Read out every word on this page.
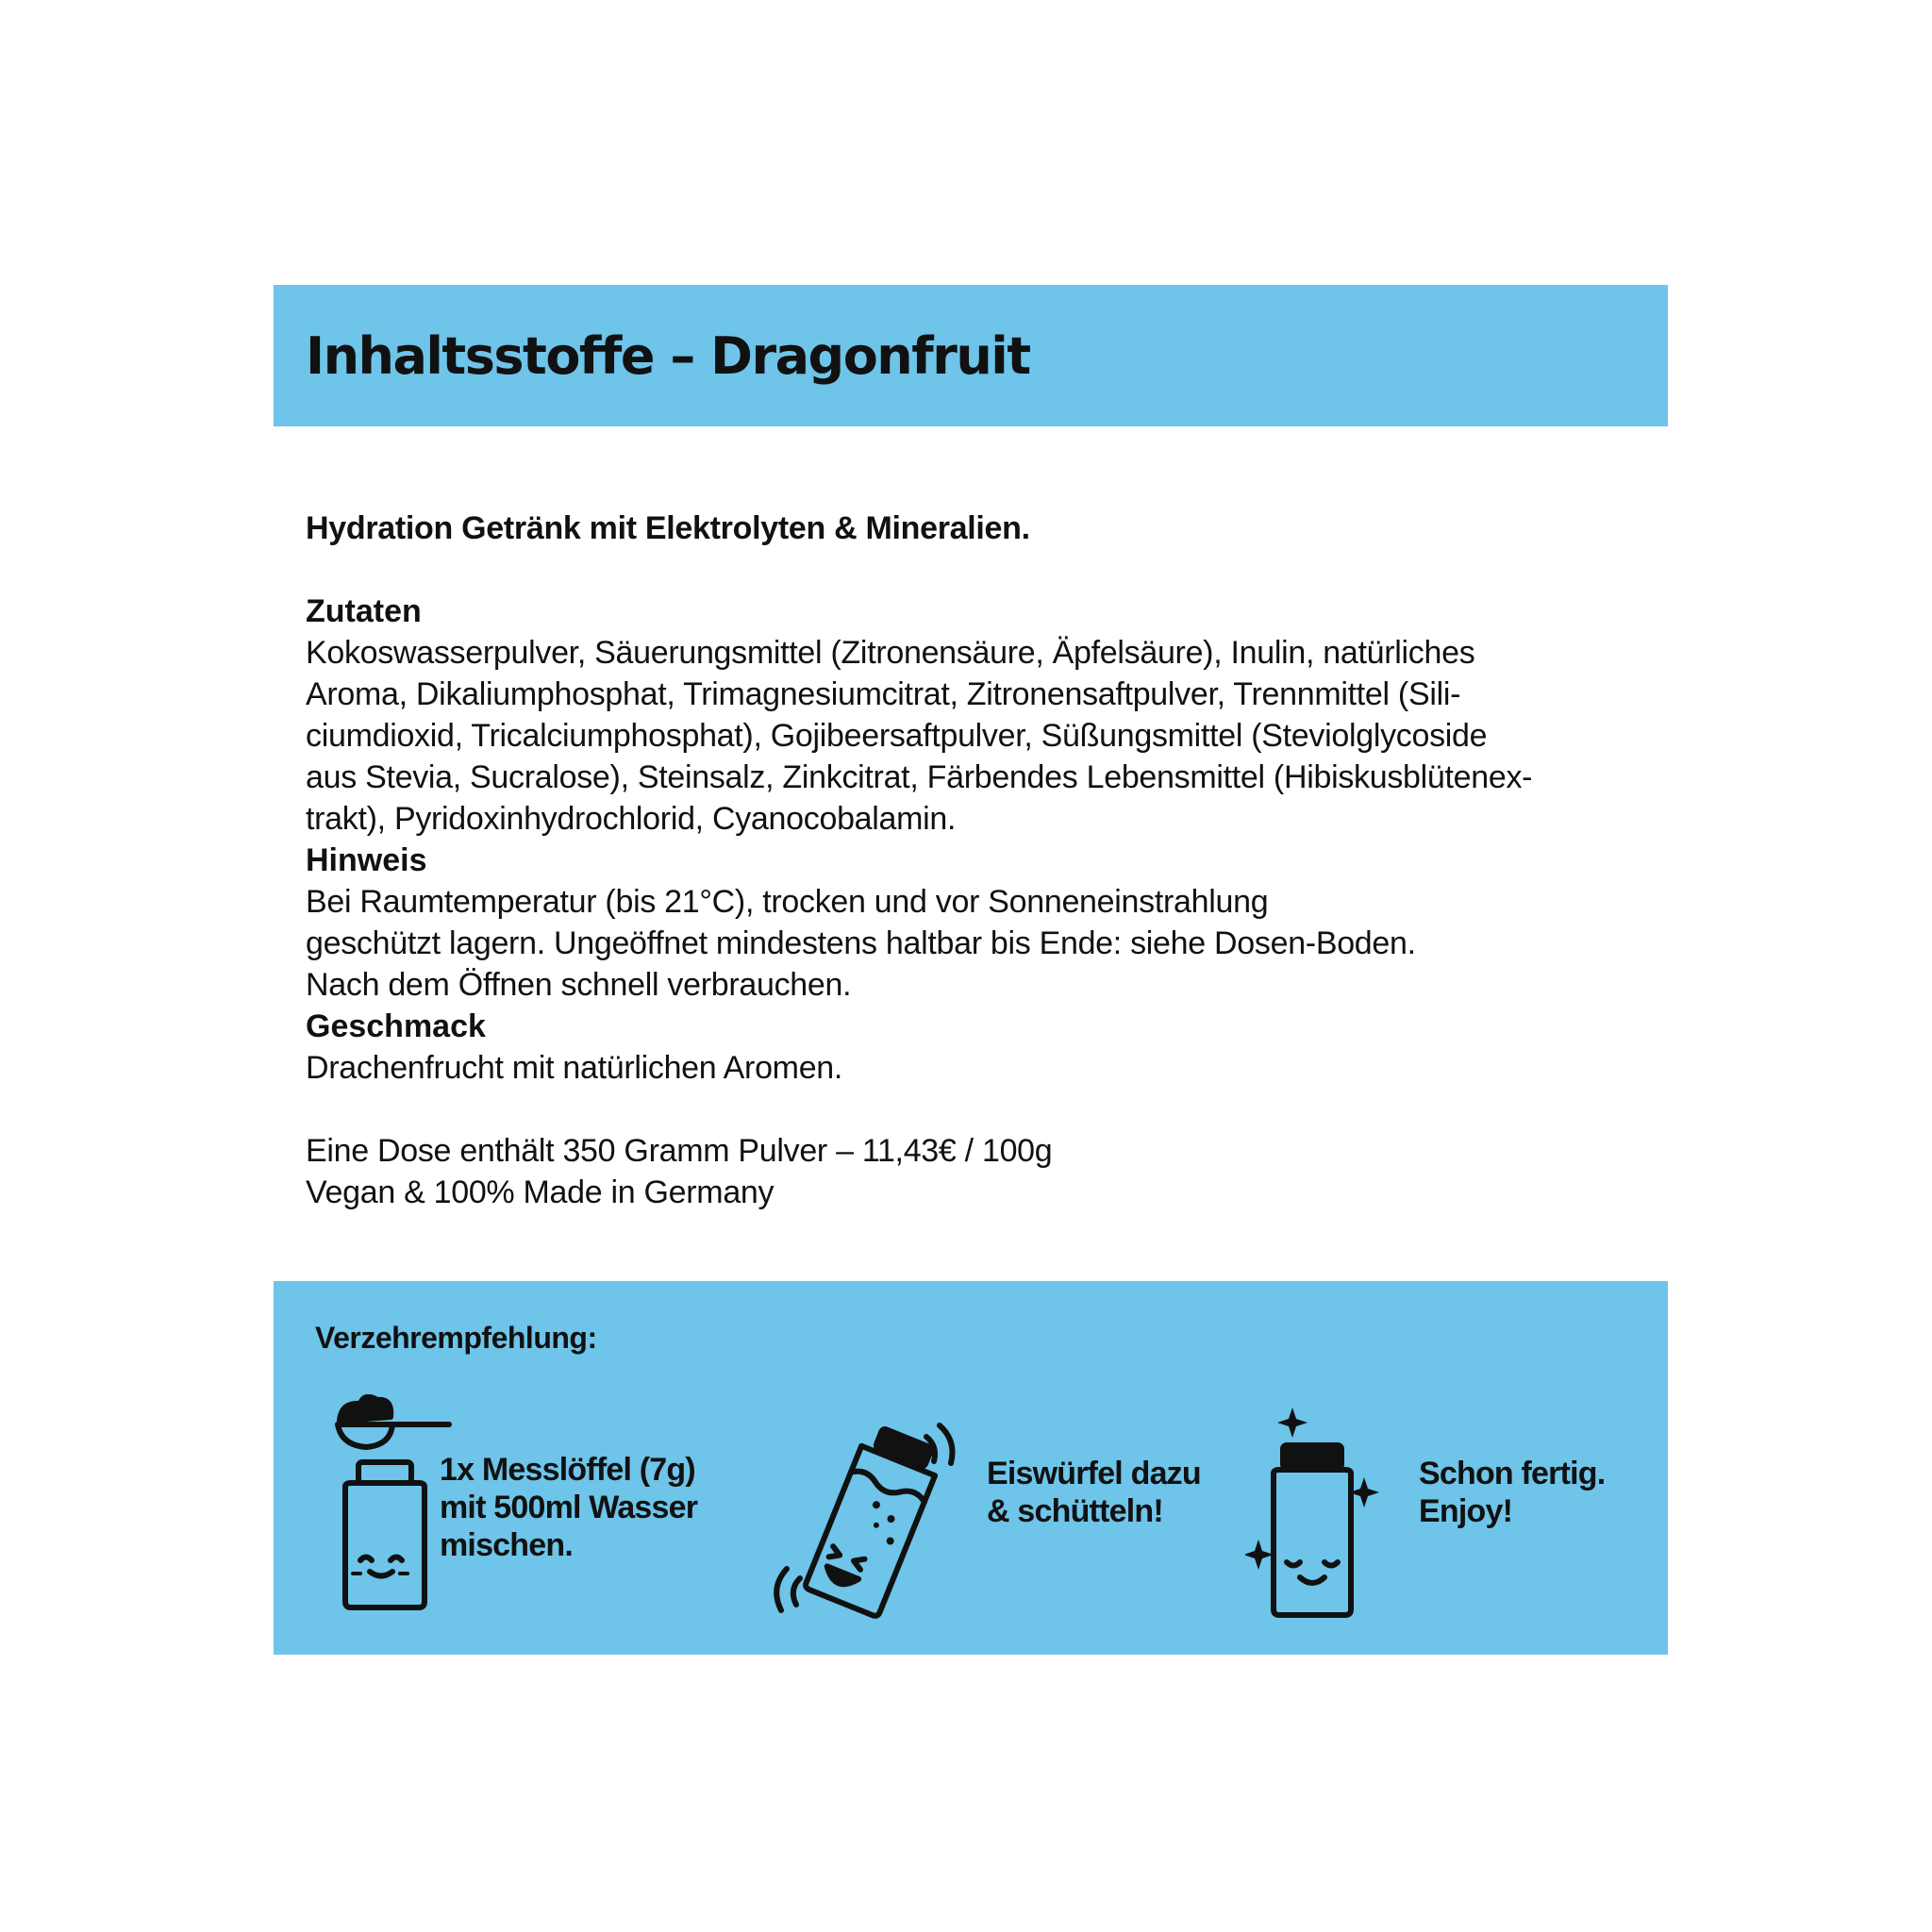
Inhaltsstoffe – Dragonfruit

Hydration Getränk mit Elektrolyten & Mineralien.

Zutaten

Kokoswasserpulver, Säuerungsmittel (Zitronensäure, Äpfelsäure), Inulin, natürliches
Aroma, Dikaliumphosphat, Trimagnesiumcitrat, Zitronensaftpulver, Trennmittel (Sili-
ciumdioxid, Tricalciumphosphat), Gojibeersaftpulver, Süßungsmittel (Steviolglycoside
aus Stevia, Sucralose), Steinsalz, Zinkcitrat, Färbendes Lebensmittel (Hibiskusblütenex-
trakt), Pyridoxinhydrochlorid, Cyanocobalamin.

Hinweis

Bei Raumtemperatur (bis 21°C), trocken und vor Sonneneinstrahlung
geschützt lagern. Ungeöffnet mindestens haltbar bis Ende: siehe Dosen-Boden.
Nach dem Öffnen schnell verbrauchen.

Geschmack

Drachenfrucht mit natürlichen Aromen.

Eine Dose enthält 350 Gramm Pulver – 11,43€ / 100g

Vegan & 100% Made in Germany

Verzehrempfehlung:

1x Messlöffel (7g)
mit 500ml Wasser
mischen.

Eiswürfel dazu
& schütteln!

Schon fertig.
Enjoy!
